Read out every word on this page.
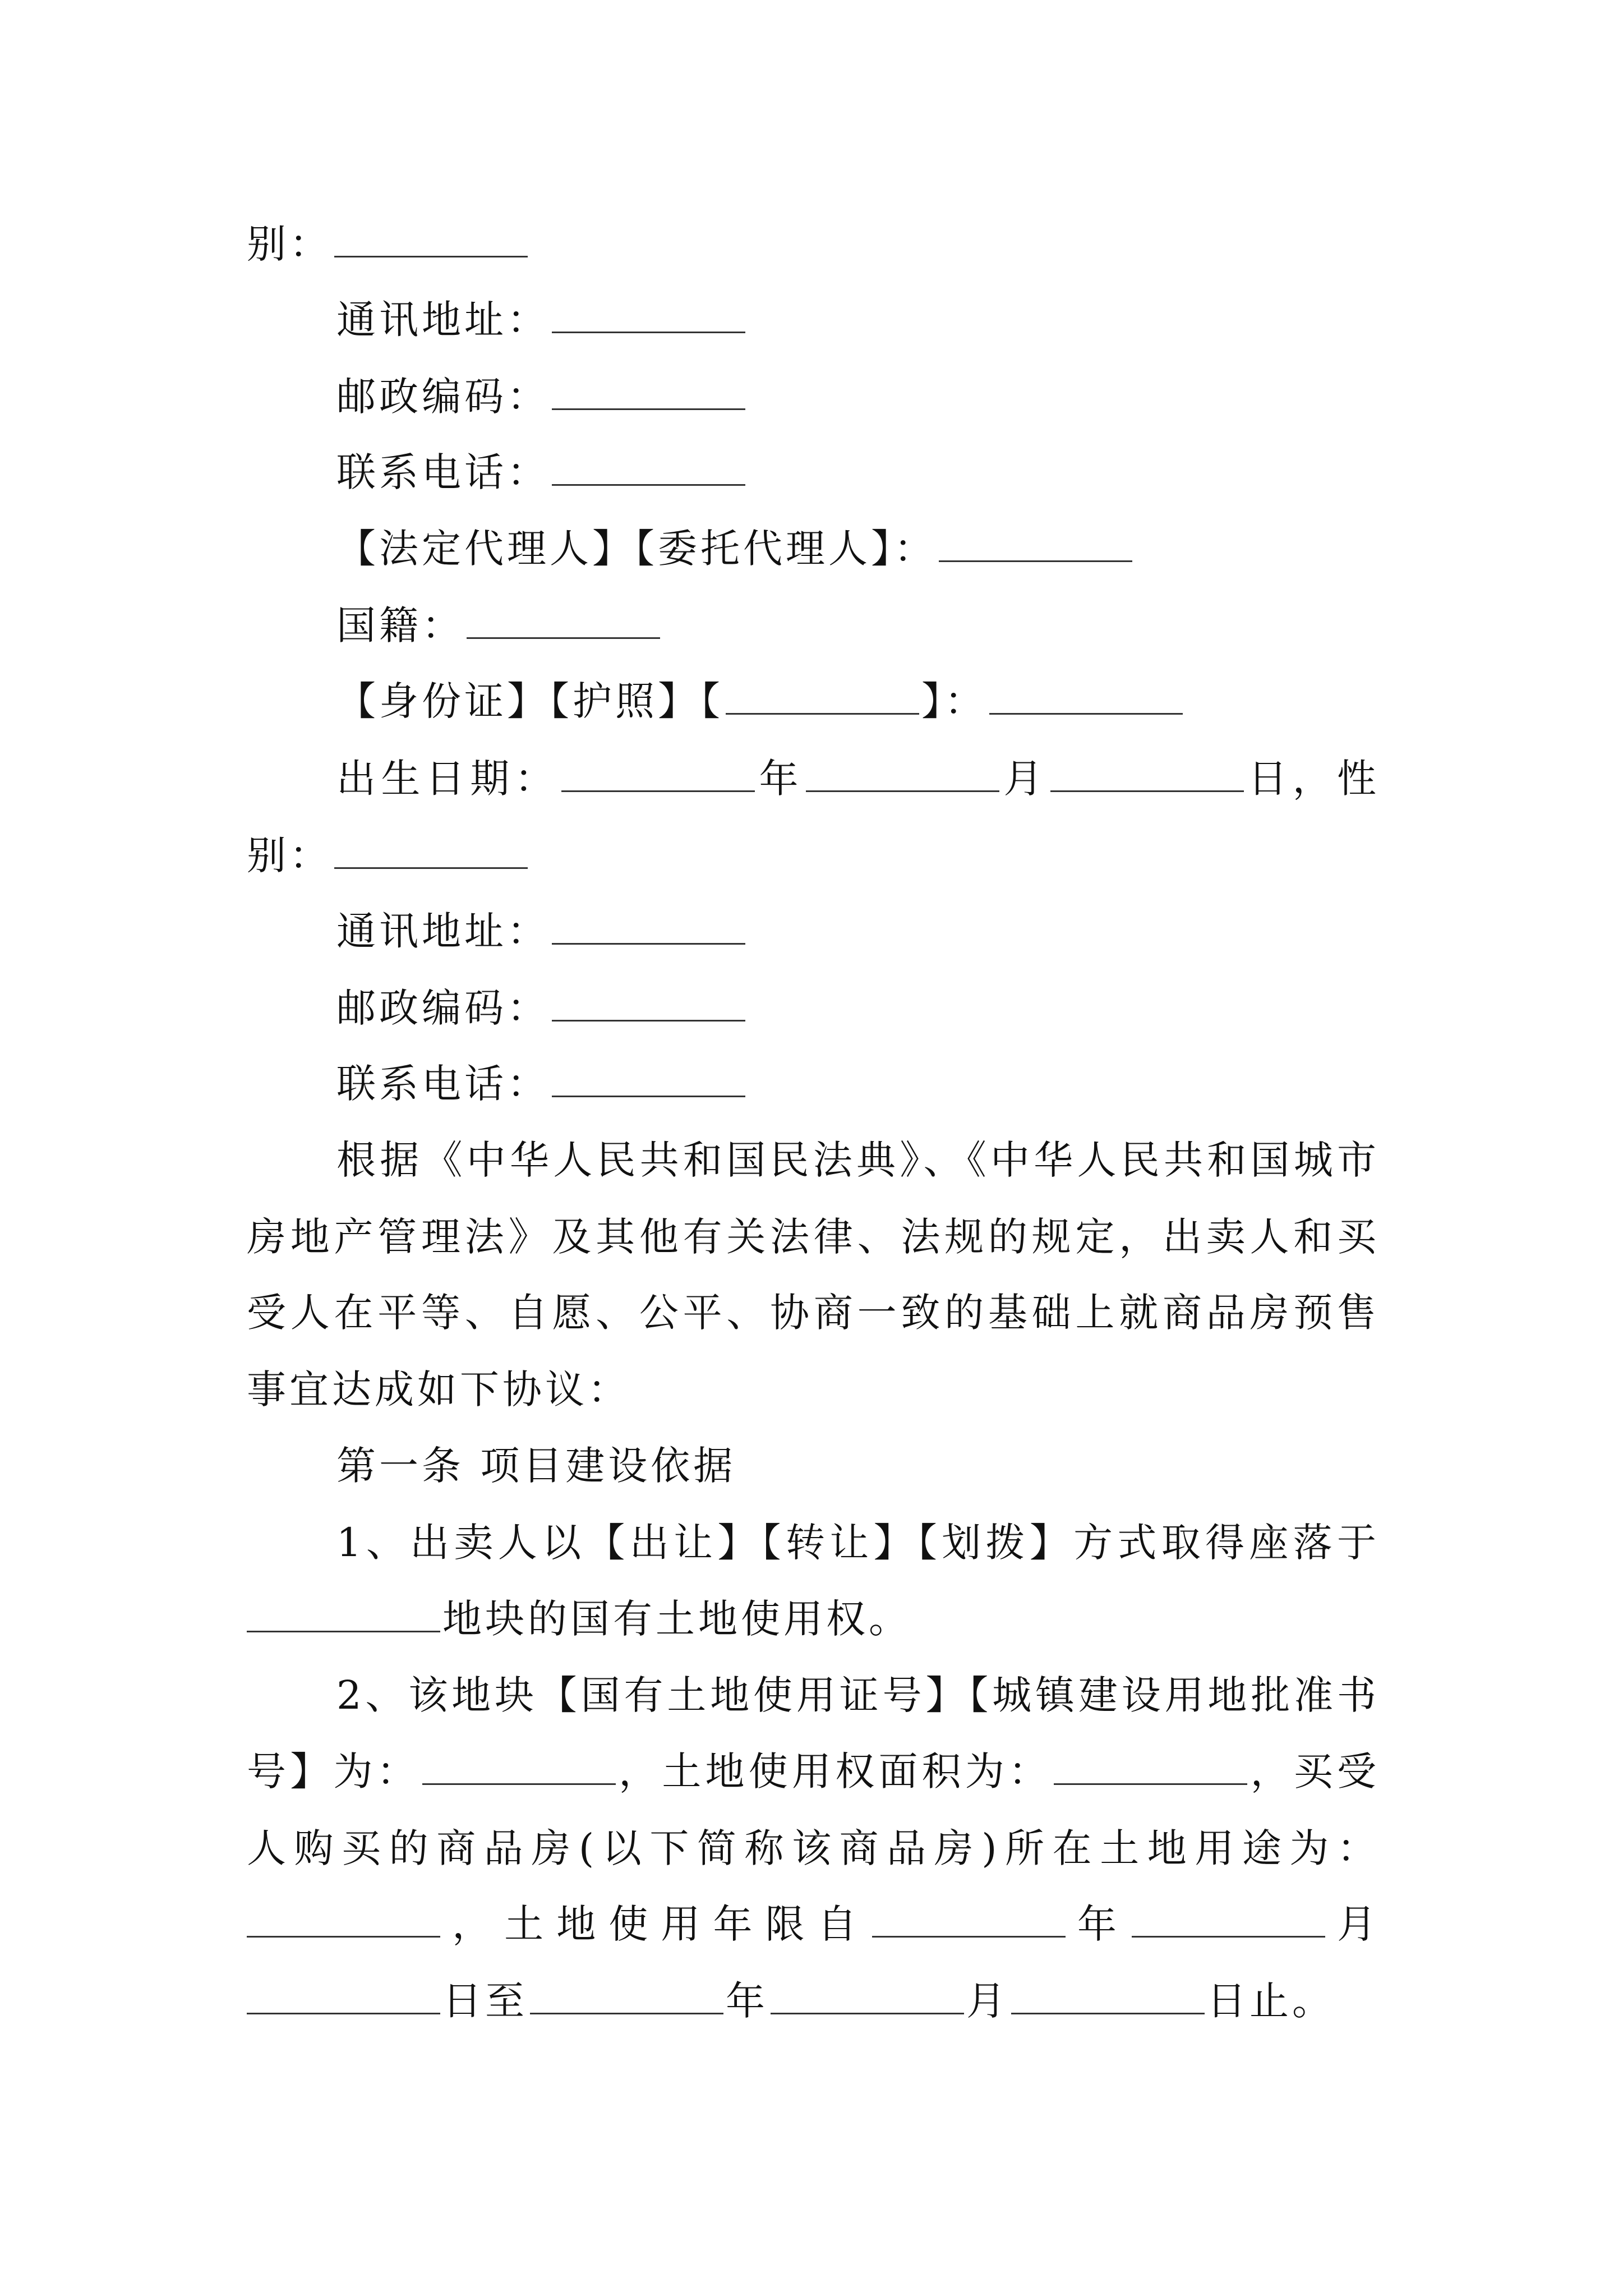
别：
通讯地址：
邮政编码：
联系电话：
【法定代理人】【委托代理人】：
国籍：
【身份证】【护照】【	】：
出生日期：	年	月	日，性
别：
通讯地址：
邮政编码：
联系电话：
根据《中华人民共和国民法典》、《中华人民共和国城市
房地产管理法》及其他有关法律、法规的规定，出卖人和买
受人在平等、自愿、公平、协商一致的基础上就商品房预售
事宜达成如下协议：
第一条 项目建设依据
1、出卖人以【出让】【转让】【划拨】方式取得座落于
地块的国有土地使用权。
2、该地块【国有土地使用证号】【城镇建设用地批准书
号】为：	，土地使用权面积为：	，买受
人购买的商品房(以下简称该商品房)所在土地用途为：
，土地使用年限自	年	月
日至	年	月	日止。
